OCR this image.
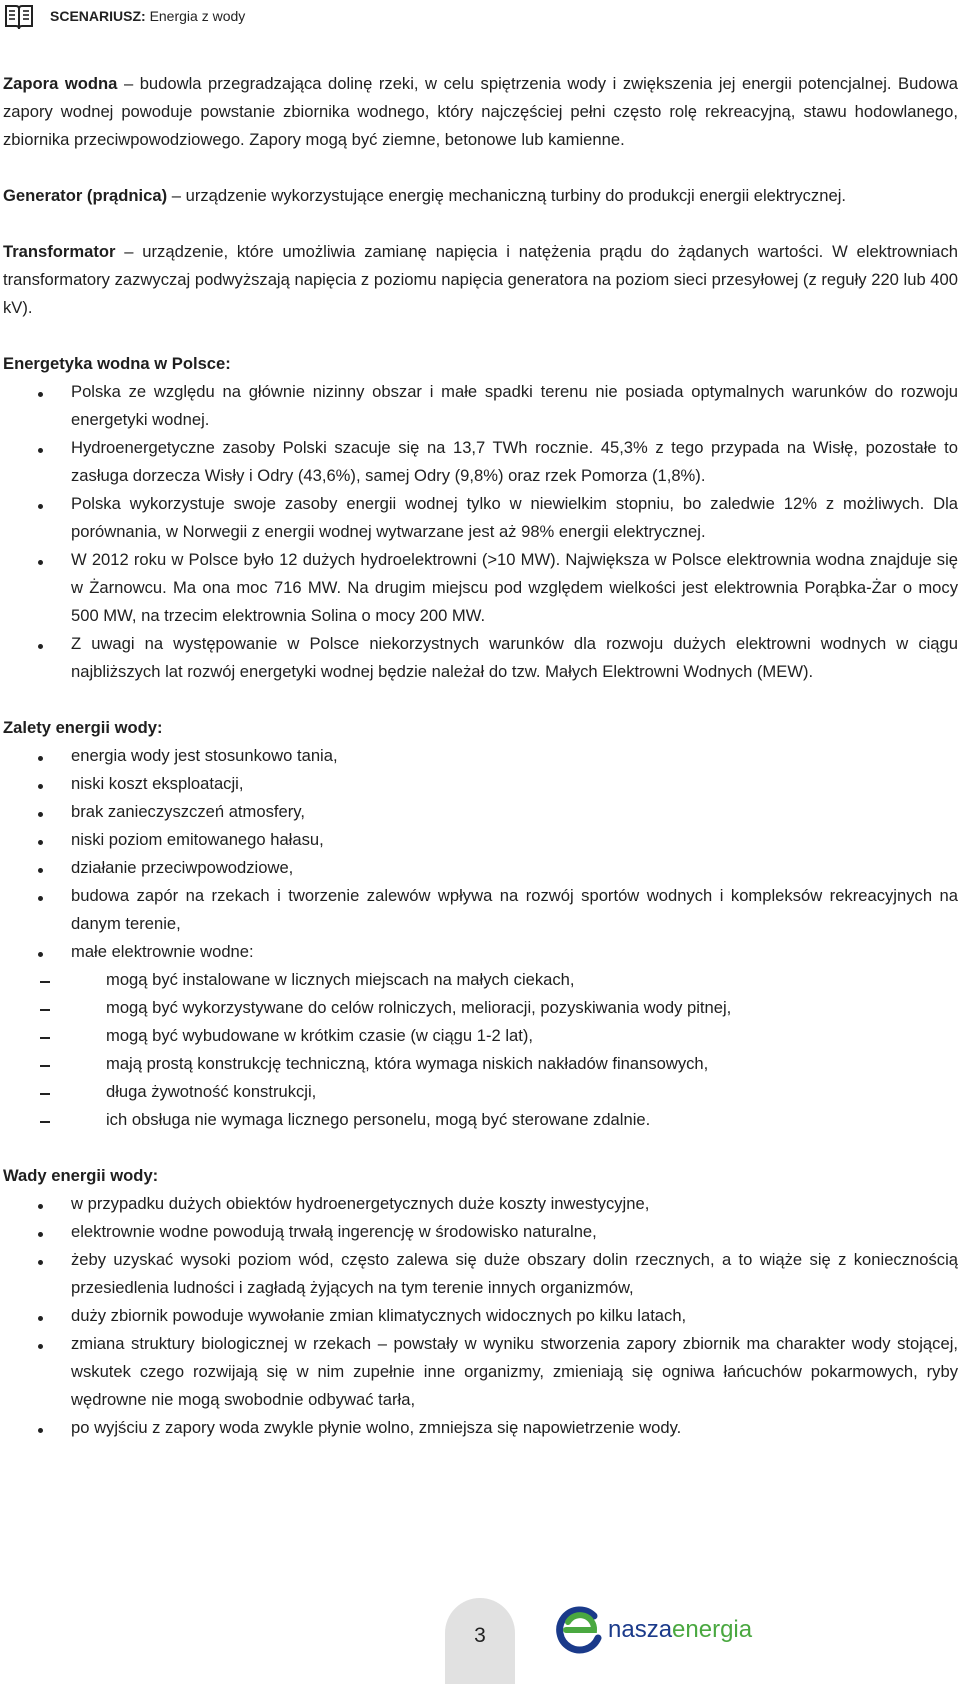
SCENARIUSZ: Energia z wody

Zapora wodna – budowla przegradzająca dolinę rzeki, w celu spiętrzenia wody i zwiększenia jej energii potencjalnej. Budowa zapory wodnej powoduje powstanie zbiornika wodnego, który najczęściej pełni często rolę rekreacyjną, stawu hodowlanego, zbiornika przeciwpowodziowego. Zapory mogą być ziemne, betonowe lub kamienne.

Generator (prądnica) – urządzenie wykorzystujące energię mechaniczną turbiny do produkcji energii elektrycznej.

Transformator – urządzenie, które umożliwia zamianę napięcia i natężenia prądu do żądanych wartości. W elektrowniach transformatory zazwyczaj podwyższają napięcia z poziomu napięcia generatora na poziom sieci przesyłowej (z reguły 220 lub 400 kV).

Energetyka wodna w Polsce:

Polska ze względu na głównie nizinny obszar i małe spadki terenu nie posiada optymalnych warunków do rozwoju energetyki wodnej.
Hydroenergetyczne zasoby Polski szacuje się na 13,7 TWh rocznie. 45,3% z tego przypada na Wisłę, pozostałe to zasługa dorzecza Wisły i Odry (43,6%), samej Odry (9,8%) oraz rzek Pomorza (1,8%).
Polska wykorzystuje swoje zasoby energii wodnej tylko w niewielkim stopniu, bo zaledwie 12% z możliwych. Dla porównania, w Norwegii z energii wodnej wytwarzane jest aż 98% energii elektrycznej.
W 2012 roku w Polsce było 12 dużych hydroelektrowni (>10 MW). Największa w Polsce elektrownia wodna znajduje się w Żarnowcu. Ma ona moc 716 MW. Na drugim miejscu pod względem wielkości jest elektrownia Porąbka-Żar o mocy 500 MW, na trzecim elektrownia Solina o mocy 200 MW.
Z uwagi na występowanie w Polsce niekorzystnych warunków dla rozwoju dużych elektrowni wodnych w ciągu najbliższych lat rozwój energetyki wodnej będzie należał do tzw. Małych Elektrowni Wodnych (MEW).

Zalety energii wody:

energia wody jest stosunkowo tania,
niski koszt eksploatacji,
brak zanieczyszczeń atmosfery,
niski poziom emitowanego hałasu,
działanie przeciwpowodziowe,
budowa zapór na rzekach i tworzenie zalewów wpływa na rozwój sportów wodnych i kompleksów rekreacyjnych na danym terenie,
małe elektrownie wodne:
mogą być instalowane w licznych miejscach na małych ciekach,
mogą być wykorzystywane do celów rolniczych, melioracji, pozyskiwania wody pitnej,
mogą być wybudowane w krótkim czasie (w ciągu 1-2 lat),
mają prostą konstrukcję techniczną, która wymaga niskich nakładów finansowych,
długa żywotność konstrukcji,
ich obsługa nie wymaga licznego personelu, mogą być sterowane zdalnie.

Wady energii wody:

w przypadku dużych obiektów hydroenergetycznych duże koszty inwestycyjne,
elektrownie wodne powodują trwałą ingerencję w środowisko naturalne,
żeby uzyskać wysoki poziom wód, często zalewa się duże obszary dolin rzecznych, a to wiąże się z koniecznością przesiedlenia ludności i zagładą żyjących na tym terenie innych organizmów,
duży zbiornik powoduje wywołanie zmian klimatycznych widocznych po kilku latach,
zmiana struktury biologicznej w rzekach – powstały w wyniku stworzenia zapory zbiornik ma charakter wody stojącej, wskutek czego rozwijają się w nim zupełnie inne organizmy, zmieniają się ogniwa łańcuchów pokarmowych, ryby wędrowne nie mogą swobodnie odbywać tarła,
po wyjściu z zapory woda zwykle płynie wolno, zmniejsza się napowietrzenie wody.
3	naszaenergia
